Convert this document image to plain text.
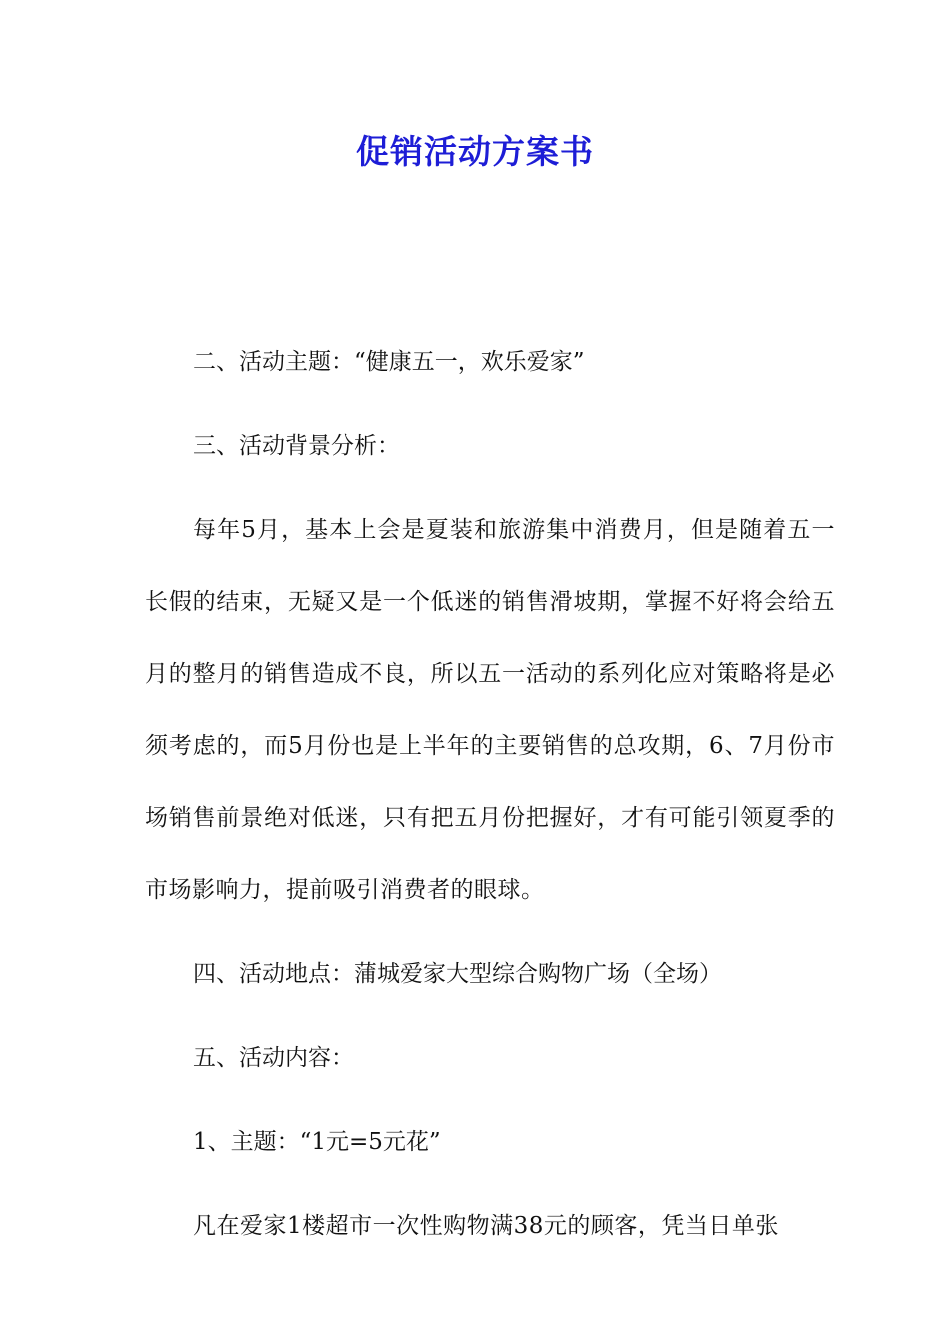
促销活动方案书

二、活动主题：“健康五一，欢乐爱家”

三、活动背景分析：

每年5月，基本上会是夏装和旅游集中消费月，但是随着五一长假的结束，无疑又是一个低迷的销售滑坡期，掌握不好将会给五月的整月的销售造成不良，所以五一活动的系列化应对策略将是必须考虑的，而5月份也是上半年的主要销售的总攻期，6、7月份市场销售前景绝对低迷，只有把五月份把握好，才有可能引领夏季的市场影响力，提前吸引消费者的眼球。

四、活动地点：蒲城爱家大型综合购物广场（全场）

五、活动内容：

1、主题：“1元=5元花”

凡在爱家1楼超市一次性购物满38元的顾客，凭当日单张
